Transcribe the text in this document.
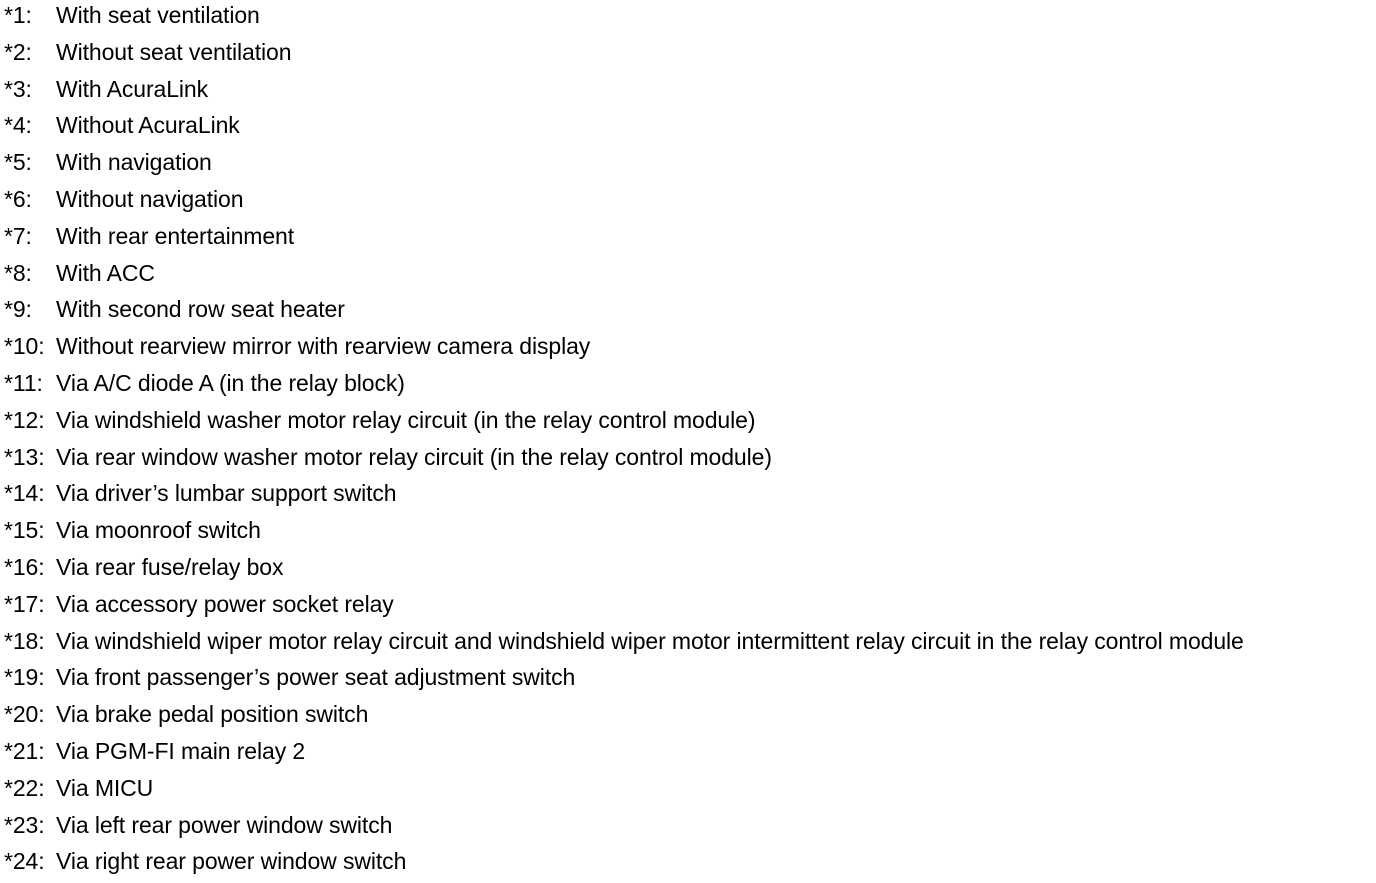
*1:	With seat ventilation
*2:	Without seat ventilation
*3:	With AcuraLink
*4:	Without AcuraLink
*5:	With navigation
*6:	Without navigation
*7:	With rear entertainment
*8:	With ACC
*9:	With second row seat heater
*10: Without rearview mirror with rearview camera display
*11: Via A/C diode A (in the relay block)
*12: Via windshield washer motor relay circuit (in the relay control module)
*13: Via rear window washer motor relay circuit (in the relay control module)
*14: Via driver’s lumbar support switch
*15: Via moonroof switch
*16: Via rear fuse/relay box
*17: Via accessory power socket relay
*18: Via windshield wiper motor relay circuit and windshield wiper motor intermittent relay circuit in the relay control module
*19: Via front passenger’s power seat adjustment switch
*20: Via brake pedal position switch
*21: Via PGM-FI main relay 2
*22: Via MICU
*23: Via left rear power window switch
*24: Via right rear power window switch
